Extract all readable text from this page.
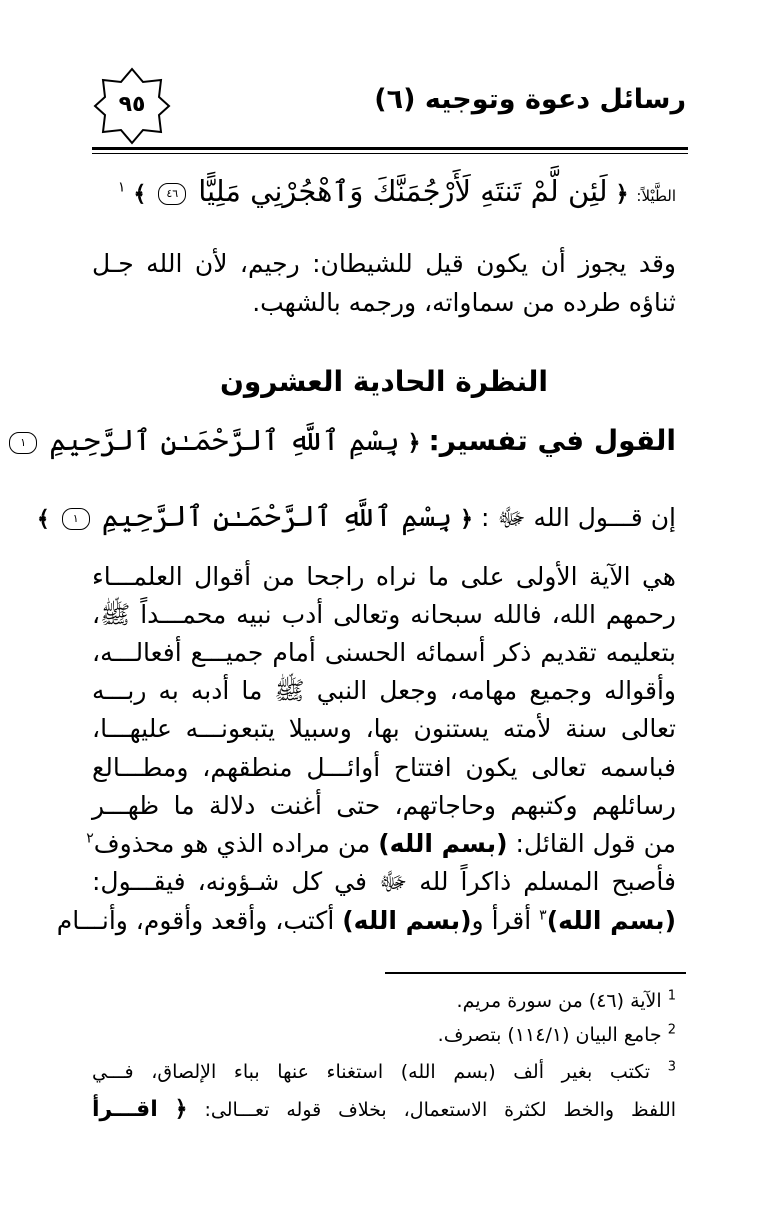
رسائل دعوة وتوجيه (٦)
٩٥
الطَّيْلاً: ﴿ لَئِن لَّمْ تَنتَهِ لَأَرْجُمَنَّكَ وَٱهْجُرْنِي مَلِيًّا ٤٦ ﴾ $^١$
وقد يجوز أن يكون قيل للشيطان: رجيم، لأن الله جـل
ثناؤه طرده من سماواته، ورجمه بالشهب.
النظرة الحادية العشرون
القول في تفسير: ﴿ بِسْمِ ٱللَّهِ ٱلرَّحْمَـٰنِ ٱلرَّحِيمِ ١
إن قـــول الله ﷻ : ﴿ بِسْمِ ٱللَّهِ ٱلرَّحْمَـٰنِ ٱلرَّحِيمِ ١ ﴾
هي الآية الأولى على ما نراه راجحا من أقوال العلمـــاء
رحمهم الله، فالله سبحانه وتعالى أدب نبيه محمـــداً ﷺ،
بتعليمه تقديم ذكر أسمائه الحسنى أمام جميـــع أفعالـــه،
وأقواله وجميع مهامه، وجعل النبي ﷺ ما أدبه به ربـــه
تعالى سنة لأمته يستنون بها، وسبيلا يتبعونـــه عليهـــا،
فباسمه تعالى يكون افتتاح أوائـــل منطقهم، ومطـــالع
رسائلهم وكتبهم وحاجاتهم، حتى أغنت دلالة ما ظهـــر
من قول القائل: (بسم الله) من مراده الذي هو محذوف$^٢$
فأصبح المسلم ذاكراً لله ﷻ في كل شـؤونه، فيقـــول:
(بسم الله)$^٣$ أقرأ و(بسم الله) أكتب، وأقعد وأقوم، وأنـــام
$^1$ الآية (٤٦) من سورة مريم.
$^2$ جامع البيان (١١٤/١) بتصرف.
$^3$ تكتب بغير ألف (بسم الله) استغناء عنها بباء الإلصاق، فـــي
اللفظ والخط لكثرة الاستعمال، بخلاف قوله تعـــالى: ﴿ اقـــرأ
